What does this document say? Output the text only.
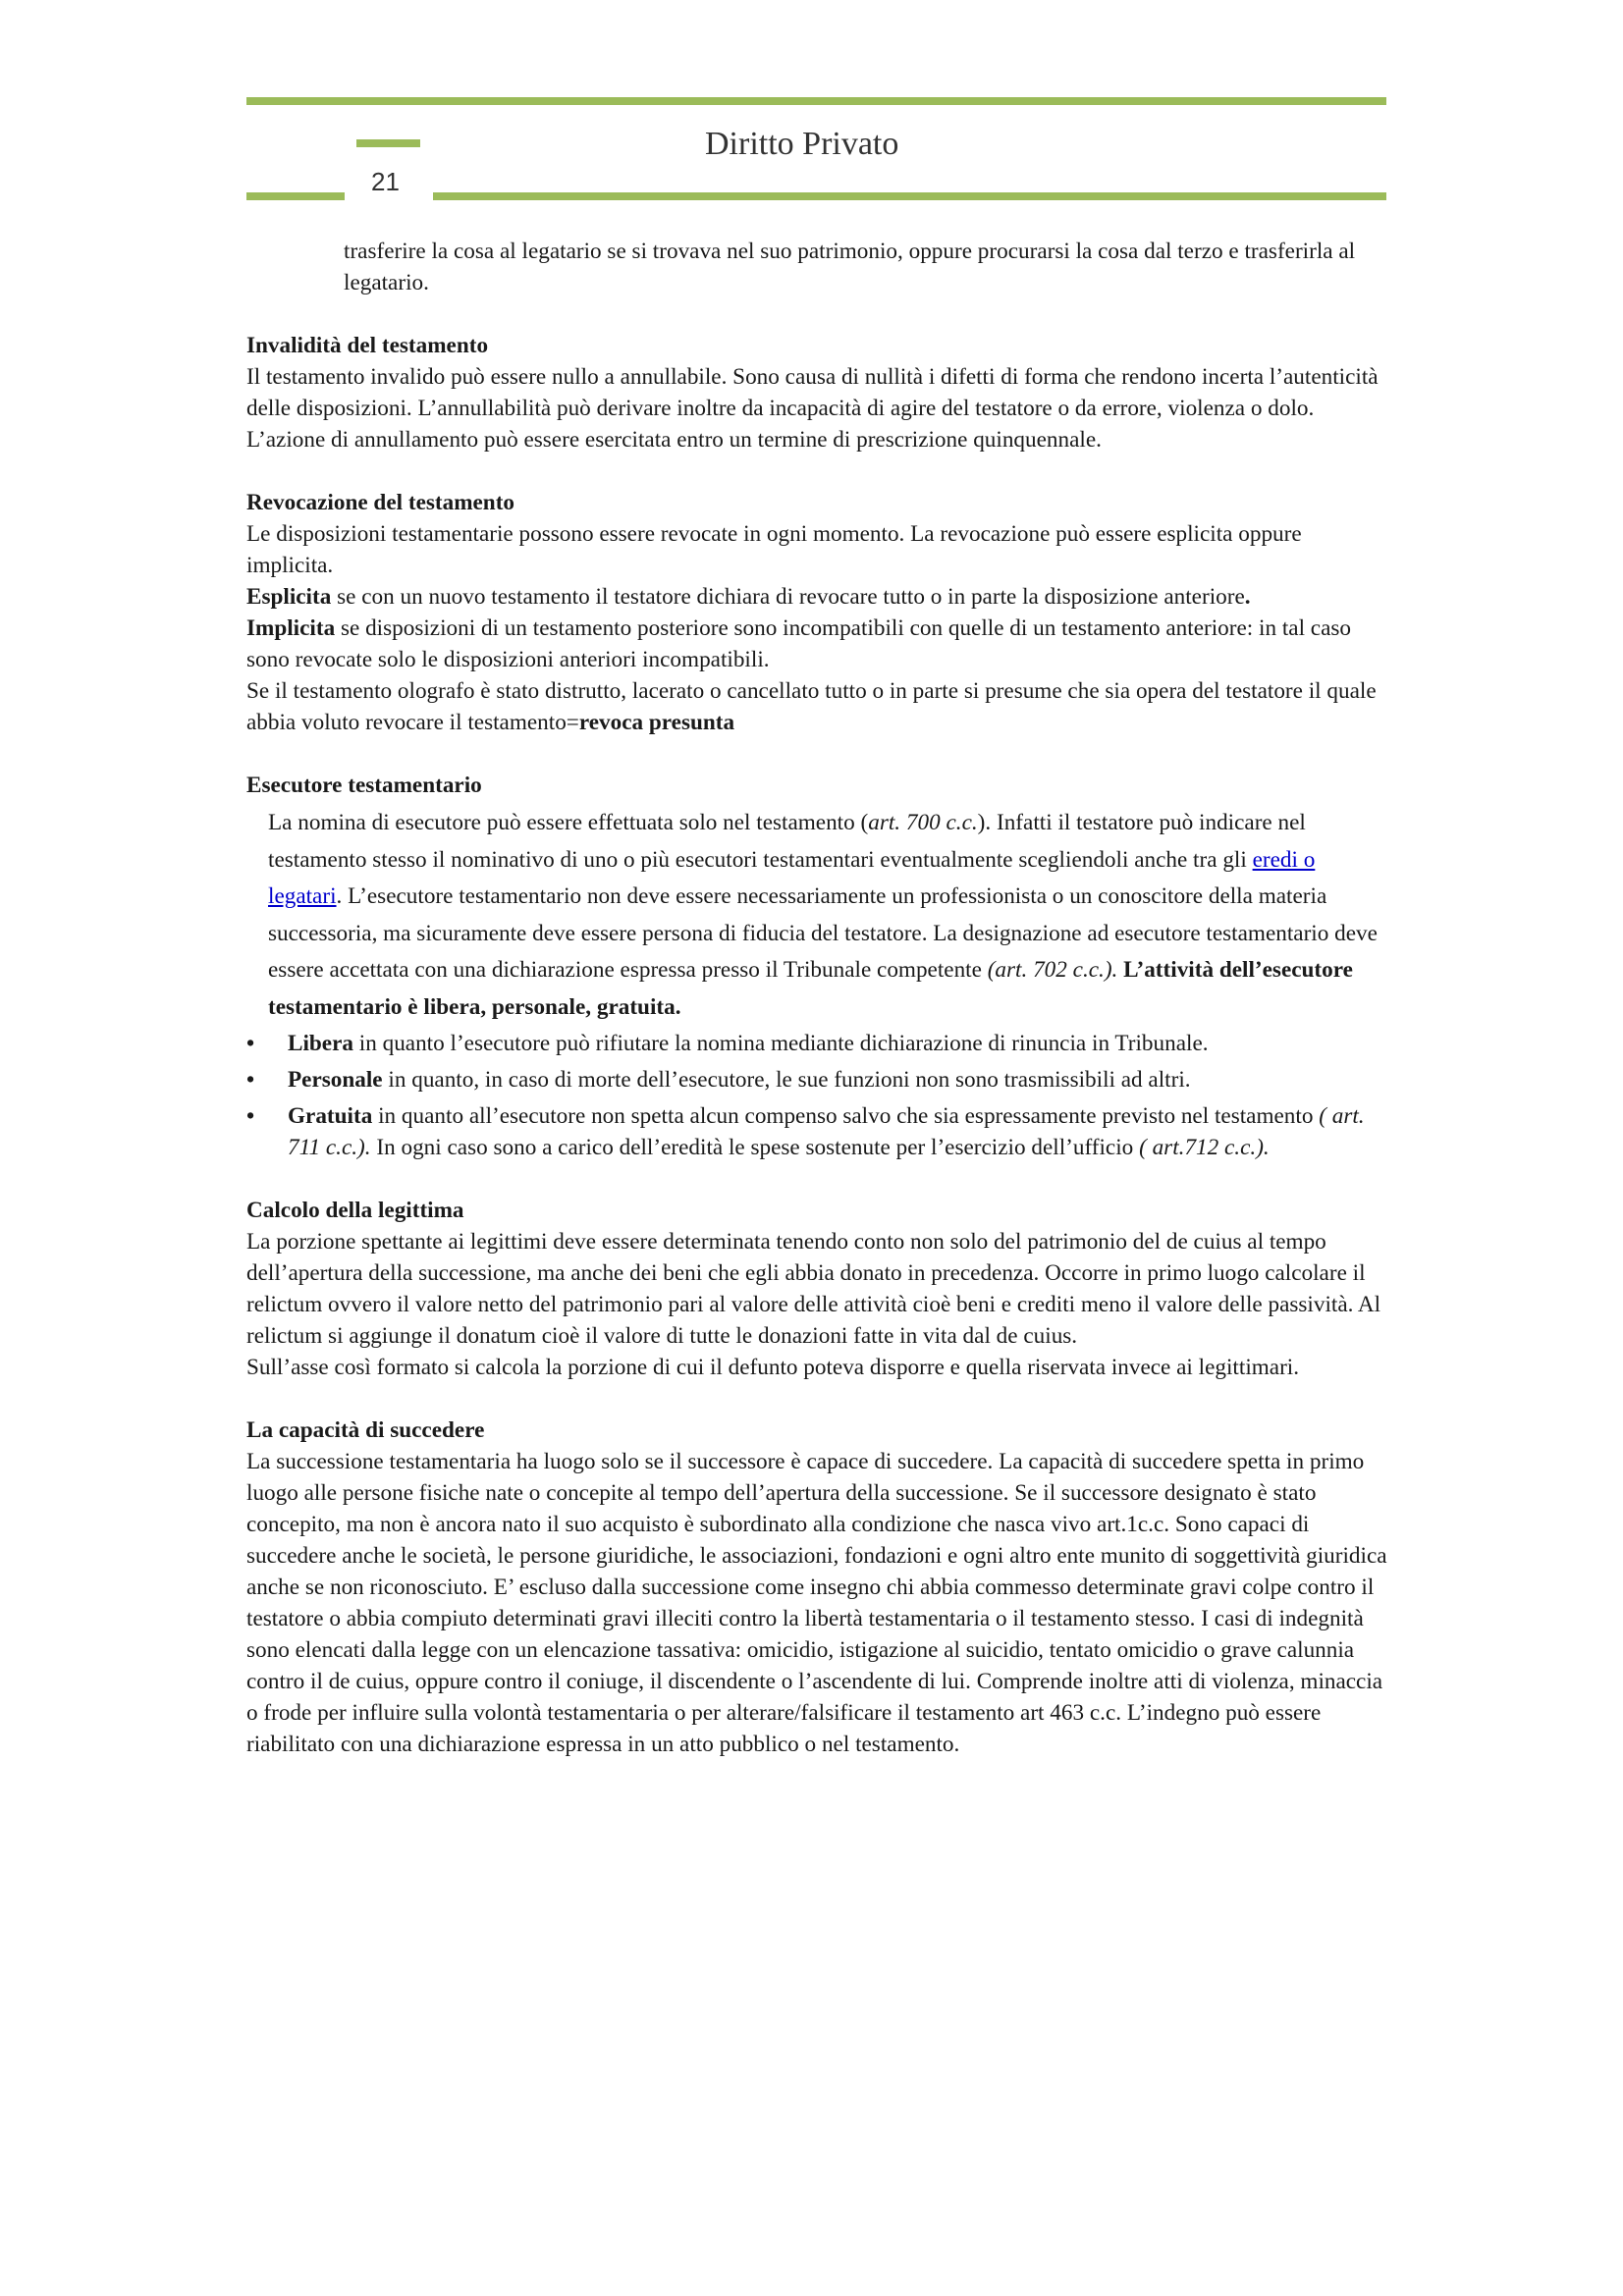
Diritto Privato
21

trasferire la cosa al legatario se si trovava nel suo patrimonio, oppure procurarsi la cosa dal terzo e trasferirla al legatario.

Invalidità del testamento

Il testamento invalido può essere nullo a annullabile. Sono causa di nullità i difetti di forma che rendono incerta l’autenticità delle disposizioni. L’annullabilità può derivare inoltre da incapacità di agire del testatore o da errore, violenza o dolo. L’azione di annullamento può essere esercitata entro un termine di prescrizione quinquennale.

Revocazione del testamento

Le disposizioni testamentarie possono essere revocate in ogni momento. La revocazione può essere esplicita oppure implicita.

Esplicita se con un nuovo testamento il testatore dichiara di revocare tutto o in parte la disposizione anteriore.

Implicita se disposizioni di un testamento posteriore sono incompatibili con quelle di un testamento anteriore: in tal caso sono revocate solo le disposizioni anteriori incompatibili.

Se il testamento olografo è stato distrutto, lacerato o cancellato tutto o in parte si presume che sia opera del testatore il quale abbia voluto revocare il testamento=revoca presunta

Esecutore testamentario

La nomina di esecutore può essere effettuata solo nel testamento (art. 700 c.c.). Infatti il testatore può indicare nel testamento stesso il nominativo di uno o più esecutori testamentari eventualmente scegliendoli anche tra gli eredi o legatari. L’esecutore testamentario non deve essere necessariamente un professionista o un conoscitore della materia successoria, ma sicuramente deve essere persona di fiducia del testatore. La designazione ad esecutore testamentario deve essere accettata con una dichiarazione espressa presso il Tribunale competente (art. 702 c.c.). L’attività dell’esecutore testamentario è libera, personale, gratuita.

•	Libera in quanto l’esecutore può rifiutare la nomina mediante dichiarazione di rinuncia in Tribunale.
•	Personale in quanto, in caso di morte dell’esecutore, le sue funzioni non sono trasmissibili ad altri.
•	Gratuita in quanto all’esecutore non spetta alcun compenso salvo che sia espressamente previsto nel testamento ( art. 711 c.c.). In ogni caso sono a carico dell’eredità le spese sostenute per l’esercizio dell’ufficio ( art.712 c.c.).
Calcolo della legittima

La porzione spettante ai legittimi deve essere determinata tenendo conto non solo del patrimonio del de cuius al tempo dell’apertura della successione, ma anche dei beni che egli abbia donato in precedenza. Occorre in primo luogo calcolare il relictum ovvero il valore netto del patrimonio pari al valore delle attività cioè beni e crediti meno il valore delle passività. Al relictum si aggiunge il donatum cioè il valore di tutte le donazioni fatte in vita dal de cuius.

Sull’asse così formato si calcola la porzione di cui il defunto poteva disporre e quella riservata invece ai legittimari.

La capacità di succedere

La successione testamentaria ha luogo solo se il successore è capace di succedere. La capacità di succedere spetta in primo luogo alle persone fisiche nate o concepite al tempo dell’apertura della successione. Se il successore designato è stato concepito, ma non è ancora nato il suo acquisto è subordinato alla condizione che nasca vivo art.1c.c. Sono capaci di succedere anche le società, le persone giuridiche, le associazioni, fondazioni e ogni altro ente munito di soggettività giuridica anche se non riconosciuto. E’ escluso dalla successione come insegno chi abbia commesso determinate gravi colpe contro il testatore o abbia compiuto determinati gravi illeciti contro la libertà testamentaria o il testamento stesso. I casi di indegnità sono elencati dalla legge con un elencazione tassativa: omicidio, istigazione al suicidio, tentato omicidio o grave calunnia contro il de cuius, oppure contro il coniuge, il discendente o l’ascendente di lui. Comprende inoltre atti di violenza, minaccia o frode per influire sulla volontà testamentaria o per alterare/falsificare il testamento art 463 c.c. L’indegno può essere riabilitato con una dichiarazione espressa in un atto pubblico o nel testamento.
